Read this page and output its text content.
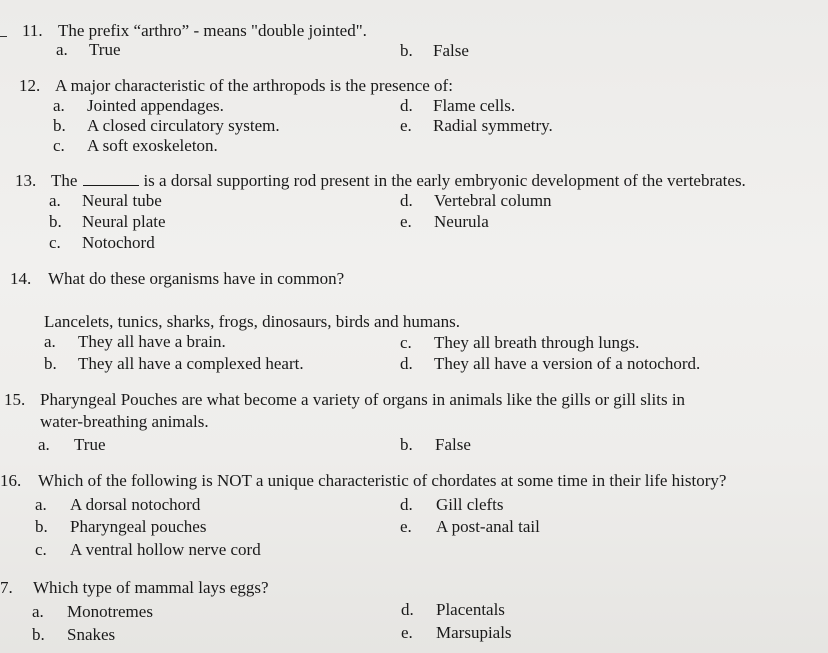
11. The prefix “arthro” - means "double jointed".
a. True	b. False
12. A major characteristic of the arthropods is the presence of:
a. Jointed appendages.
b. A closed circulatory system.
c. A soft exoskeleton.
d. Flame cells.
e. Radial symmetry.
13. The	is a dorsal supporting rod present in the early embryonic development of the vertebrates.
a. Neural tube
b. Neural plate
c. Notochord
d. Vertebral column
e. Neurula
14. What do these organisms have in common?
Lancelets, tunics, sharks, frogs, dinosaurs, birds and humans.
a. They all have a brain.
b. They all have a complexed heart.
c. They all breath through lungs.
d. They all have a version of a notochord.
15. Pharyngeal Pouches are what become a variety of organs in animals like the gills or gill slits in
water-breathing animals.
a. True	b. False
16. Which of the following is NOT a unique characteristic of chordates at some time in their life history?
a. A dorsal notochord
b. Pharyngeal pouches
c. A ventral hollow nerve cord
d. Gill clefts
e. A post-anal tail
7. Which type of mammal lays eggs?
a. Monotremes
b. Snakes
d. Placentals
e. Marsupials
